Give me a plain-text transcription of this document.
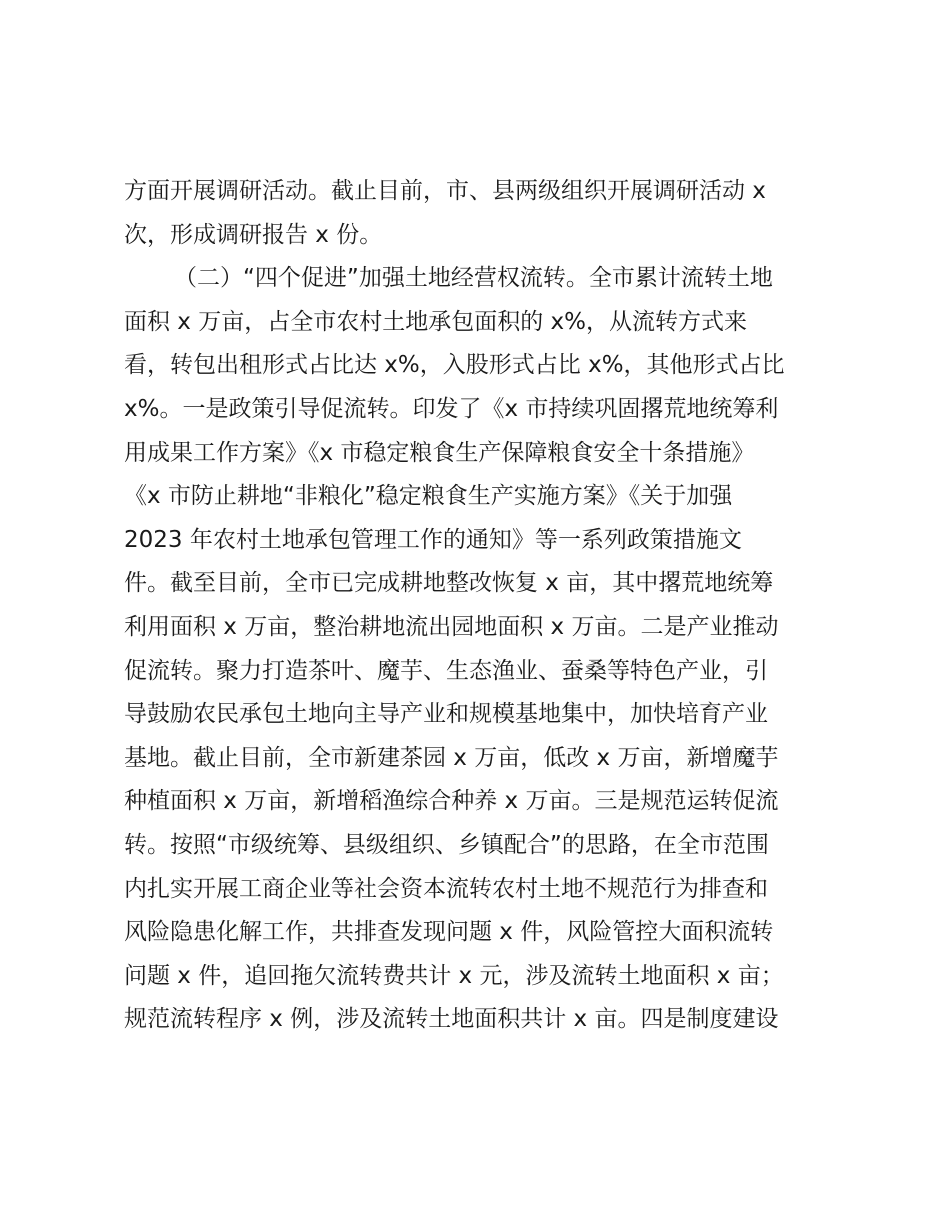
方面开展调研活动。截止目前，市、县两级组织开展调研活动 x
次，形成调研报告 x 份。
（二）“四个促进”加强土地经营权流转。全市累计流转土地
面积 x 万亩，占全市农村土地承包面积的 x%，从流转方式来
看，转包出租形式占比达 x%，入股形式占比 x%，其他形式占比
x%。一是政策引导促流转。印发了《x 市持续巩固撂荒地统筹利
用成果工作方案》《x 市稳定粮食生产保障粮食安全十条措施》
《x 市防止耕地“非粮化”稳定粮食生产实施方案》《关于加强
2023 年农村土地承包管理工作的通知》等一系列政策措施文
件。截至目前，全市已完成耕地整改恢复 x 亩，其中撂荒地统筹
利用面积 x 万亩，整治耕地流出园地面积 x 万亩。二是产业推动
促流转。聚力打造茶叶、魔芋、生态渔业、蚕桑等特色产业，引
导鼓励农民承包土地向主导产业和规模基地集中，加快培育产业
基地。截止目前，全市新建茶园 x 万亩，低改 x 万亩，新增魔芋
种植面积 x 万亩，新增稻渔综合种养 x 万亩。三是规范运转促流
转。按照“市级统筹、县级组织、乡镇配合”的思路，在全市范围
内扎实开展工商企业等社会资本流转农村土地不规范行为排查和
风险隐患化解工作，共排查发现问题 x 件，风险管控大面积流转
问题 x 件，追回拖欠流转费共计 x 元，涉及流转土地面积 x 亩；
规范流转程序 x 例，涉及流转土地面积共计 x 亩。四是制度建设
